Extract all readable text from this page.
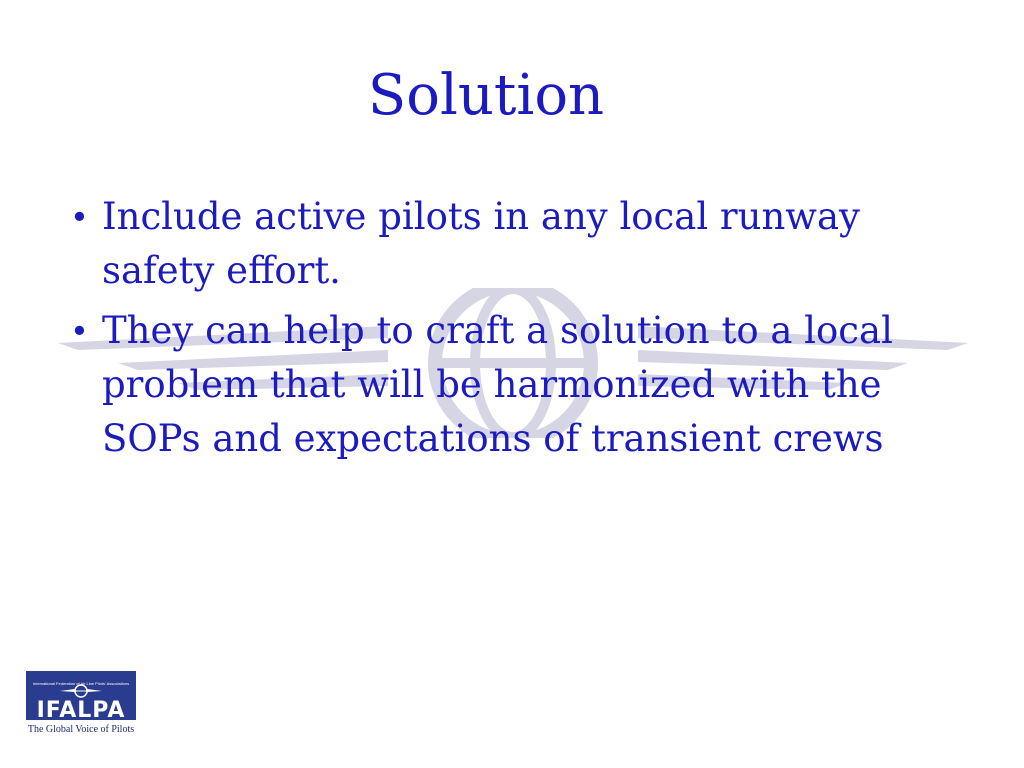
Solution
• Include active pilots in any local runway safety effort.
• They can help to craft a solution to a local problem that will be harmonized with the SOPs and expectations of transient crews
International Federation of Air Line Pilots' Associations
IFALPA
The Global Voice of Pilots
